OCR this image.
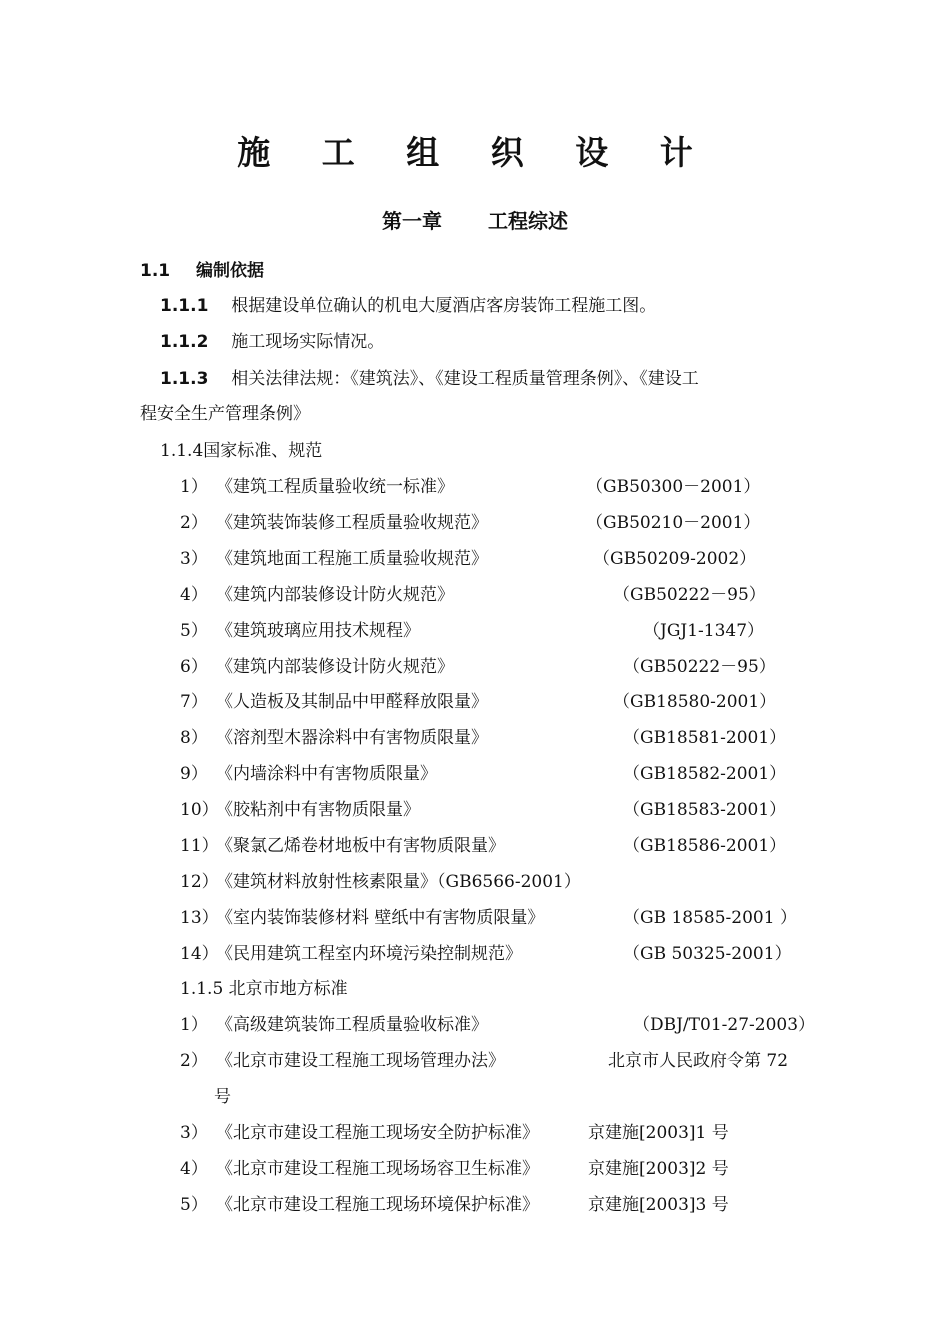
施 工 组 织 设 计
第一章 工程综述
1.1 编制依据
1.1.1 根据建设单位确认的机电大厦酒店客房装饰工程施工图。
1.1.2 施工现场实际情况。
1.1.3 相关法律法规：《建筑法》、《建设工程质量管理条例》、《建设工
程安全生产管理条例》
1.1.4国家标准、规范
1） 《建筑工程质量验收统一标准》	（GB50300－2001）
2） 《建筑装饰装修工程质量验收规范》	（GB50210－2001）
3） 《建筑地面工程施工质量验收规范》	（GB50209-2002）
4） 《建筑内部装修设计防火规范》	（GB50222－95）
5） 《建筑玻璃应用技术规程》	（JGJ1-1347）
6） 《建筑内部装修设计防火规范》	（GB50222－95）
7） 《人造板及其制品中甲醛释放限量》	（GB18580-2001）
8） 《溶剂型木器涂料中有害物质限量》	（GB18581-2001）
9） 《内墙涂料中有害物质限量》	（GB18582-2001）
10）《胶粘剂中有害物质限量》	（GB18583-2001）
11）《聚氯乙烯卷材地板中有害物质限量》	（GB18586-2001）
12）《建筑材料放射性核素限量》（GB6566-2001）
13）《室内装饰装修材料 壁纸中有害物质限量》	（GB 18585-2001 ）
14）《民用建筑工程室内环境污染控制规范》	（GB 50325-2001）
1.1.5 北京市地方标准
1） 《高级建筑装饰工程质量验收标准》	（DBJ/T01-27-2003）
2） 《北京市建设工程施工现场管理办法》	北京市人民政府令第 72
号
3） 《北京市建设工程施工现场安全防护标准》	京建施[2003]1 号
4） 《北京市建设工程施工现场场容卫生标准》	京建施[2003]2 号
5） 《北京市建设工程施工现场环境保护标准》	京建施[2003]3 号
